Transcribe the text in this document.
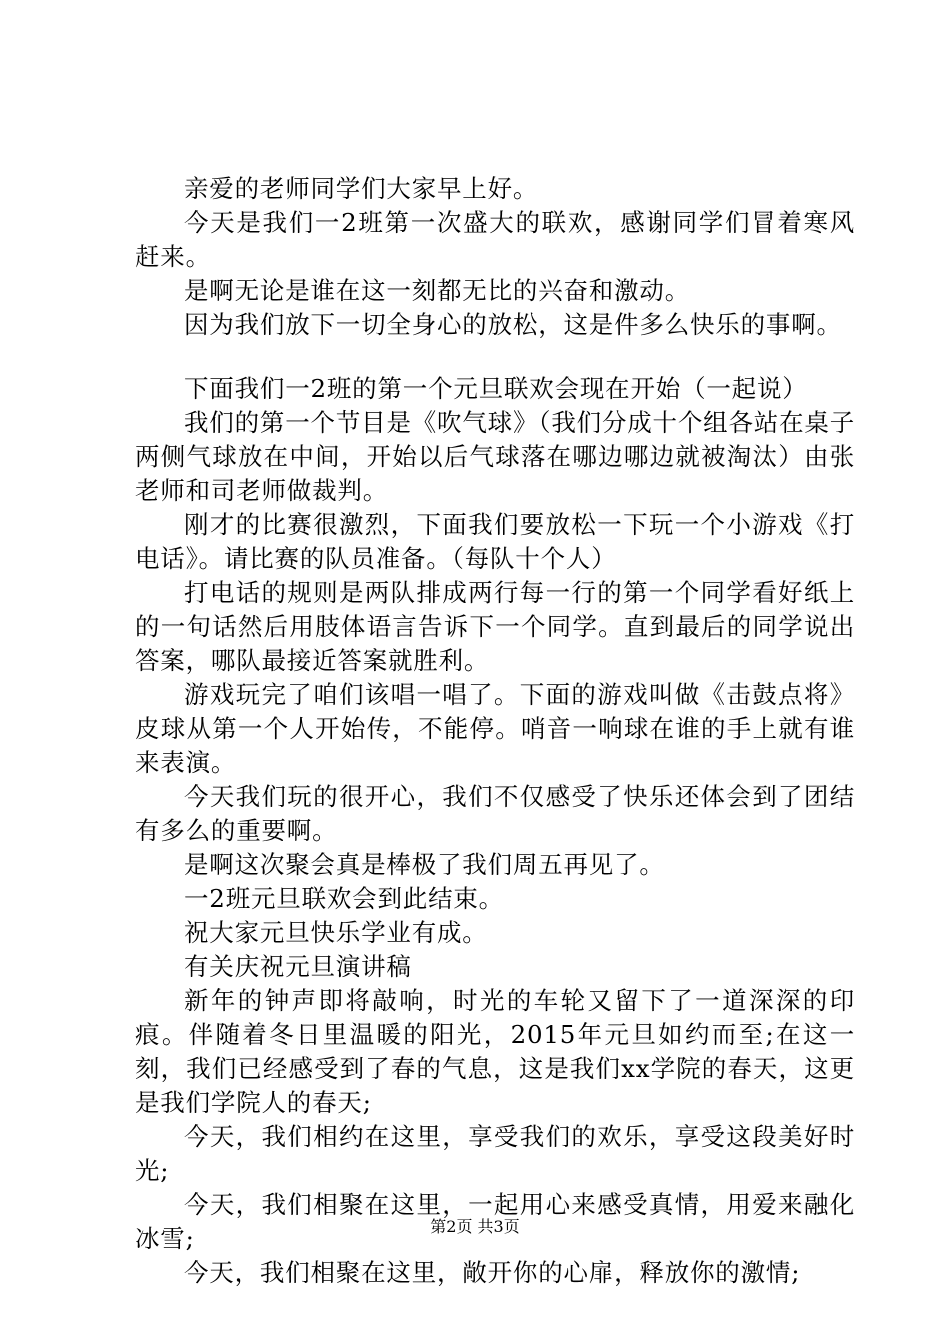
亲爱的老师同学们大家早上好。

今天是我们一2班第一次盛大的联欢，感谢同学们冒着寒风赶来。

是啊无论是谁在这一刻都无比的兴奋和激动。

因为我们放下一切全身心的放松，这是件多么快乐的事啊。

下面我们一2班的第一个元旦联欢会现在开始（一起说）

我们的第一个节目是《吹气球》（我们分成十个组各站在桌子两侧气球放在中间，开始以后气球落在哪边哪边就被淘汰）由张老师和司老师做裁判。

刚才的比赛很激烈，下面我们要放松一下玩一个小游戏《打电话》。请比赛的队员准备。（每队十个人）

打电话的规则是两队排成两行每一行的第一个同学看好纸上的一句话然后用肢体语言告诉下一个同学。直到最后的同学说出答案，哪队最接近答案就胜利。

游戏玩完了咱们该唱一唱了。下面的游戏叫做《击鼓点将》皮球从第一个人开始传，不能停。哨音一响球在谁的手上就有谁来表演。

今天我们玩的很开心，我们不仅感受了快乐还体会到了团结有多么的重要啊。

是啊这次聚会真是棒极了我们周五再见了。

一2班元旦联欢会到此结束。

祝大家元旦快乐学业有成。

有关庆祝元旦演讲稿

新年的钟声即将敲响，时光的车轮又留下了一道深深的印痕。伴随着冬日里温暖的阳光，2015年元旦如约而至;在这一刻，我们已经感受到了春的气息，这是我们xx学院的春天，这更是我们学院人的春天;

今天，我们相约在这里，享受我们的欢乐，享受这段美好时光;

今天，我们相聚在这里，一起用心来感受真情，用爱来融化冰雪;

今天，我们相聚在这里，敞开你的心扉，释放你的激情;

第2页 共3页
